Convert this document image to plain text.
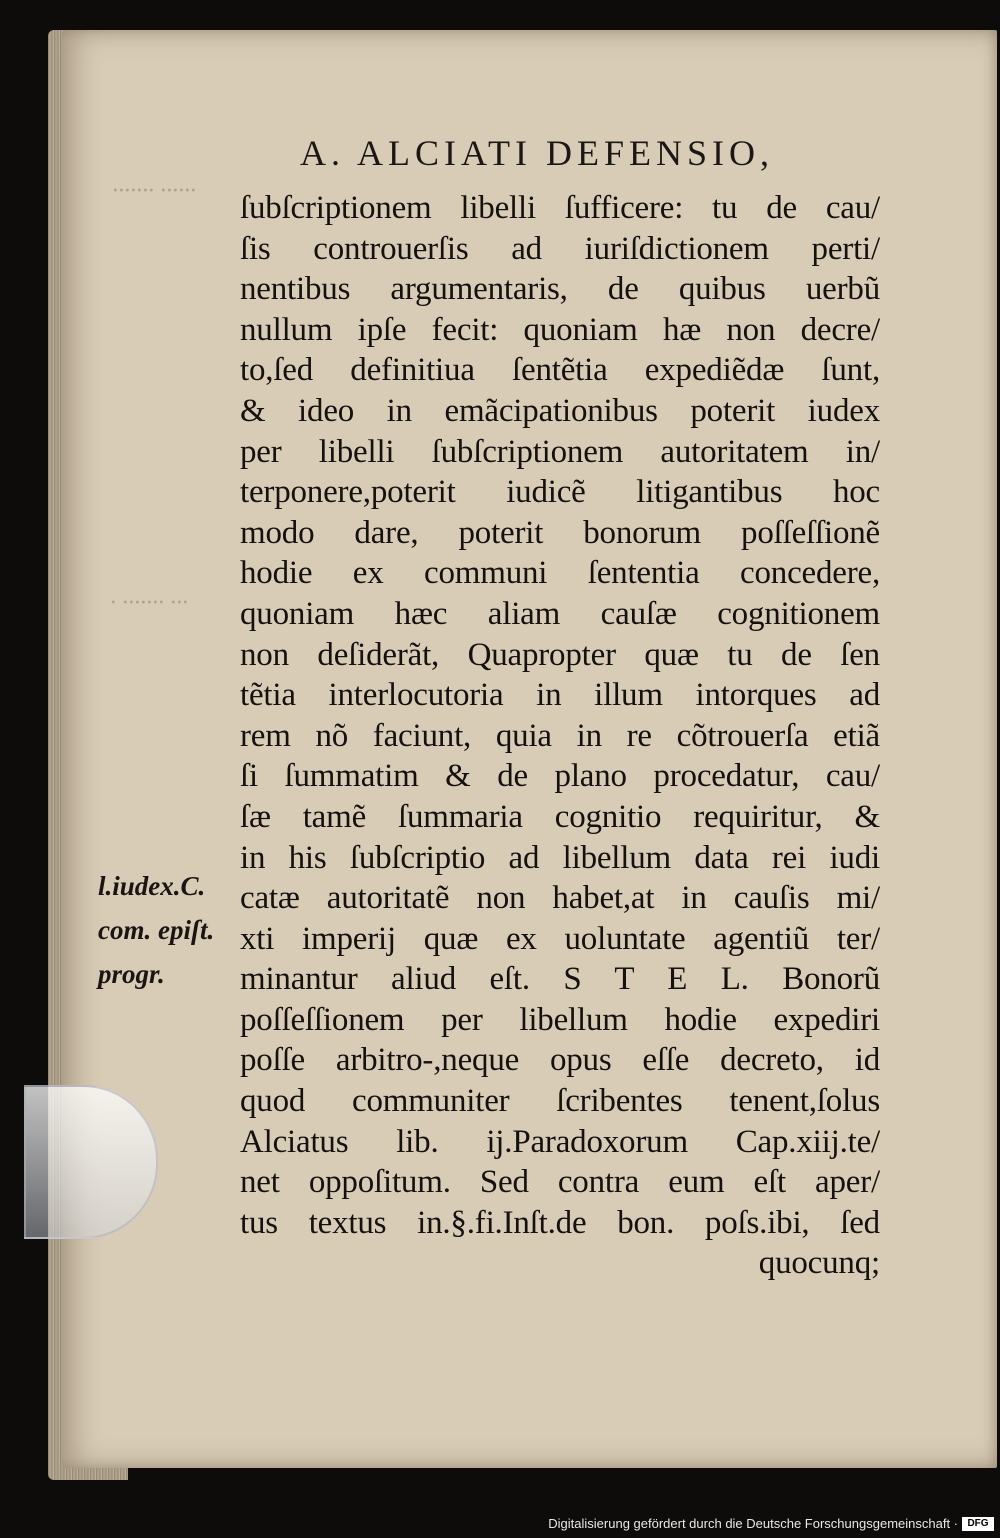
······· ······
· ······· ···
A. ALCIATI DEFENSIO,
ſubſcriptionem libelli ſufficere: tu de cau/
ſis controuerſis ad iuriſdictionem perti/
nentibus argumentaris, de quibus uerbũ
nullum ipſe fecit: quoniam hæ non decre/
to,ſed definitiua ſentẽtia expediẽdæ ſunt,
& ideo in emãcipationibus poterit iudex
per libelli ſubſcriptionem autoritatem in/
terponere,poterit iudicẽ litigantibus hoc
modo dare, poterit bonorum poſſeſſionẽ
hodie ex communi ſententia concedere,
quoniam hæc aliam cauſæ cognitionem
non deſiderãt, Quapropter quæ tu de ſen
tẽtia interlocutoria in illum intorques ad
rem nõ faciunt, quia in re cõtrouerſa etiã
ſi ſummatim & de plano procedatur, cau/
ſæ tamẽ ſummaria cognitio requiritur, &
in his ſubſcriptio ad libellum data rei iudi
catæ autoritatẽ non habet,at in cauſis mi/
xti imperij quæ ex uoluntate agentiũ ter/
minantur aliud eſt. S T E L. Bonorũ
poſſeſſionem per libellum hodie expediri
poſſe arbitro‑,neque opus eſſe decreto, id
quod communiter ſcribentes tenent,ſolus
Alciatus lib. ij.Paradoxorum Cap.xiij.te/
net oppoſitum. Sed contra eum eſt aper/
tus textus in.§.fi.Inſt.de bon. poſs.ibi, ſed
quocunq;
l.iudex.C.
com. epiſt.
progr.
Digitalisierung gefördert durch die Deutsche Forschungsgemeinschaft · DFG
